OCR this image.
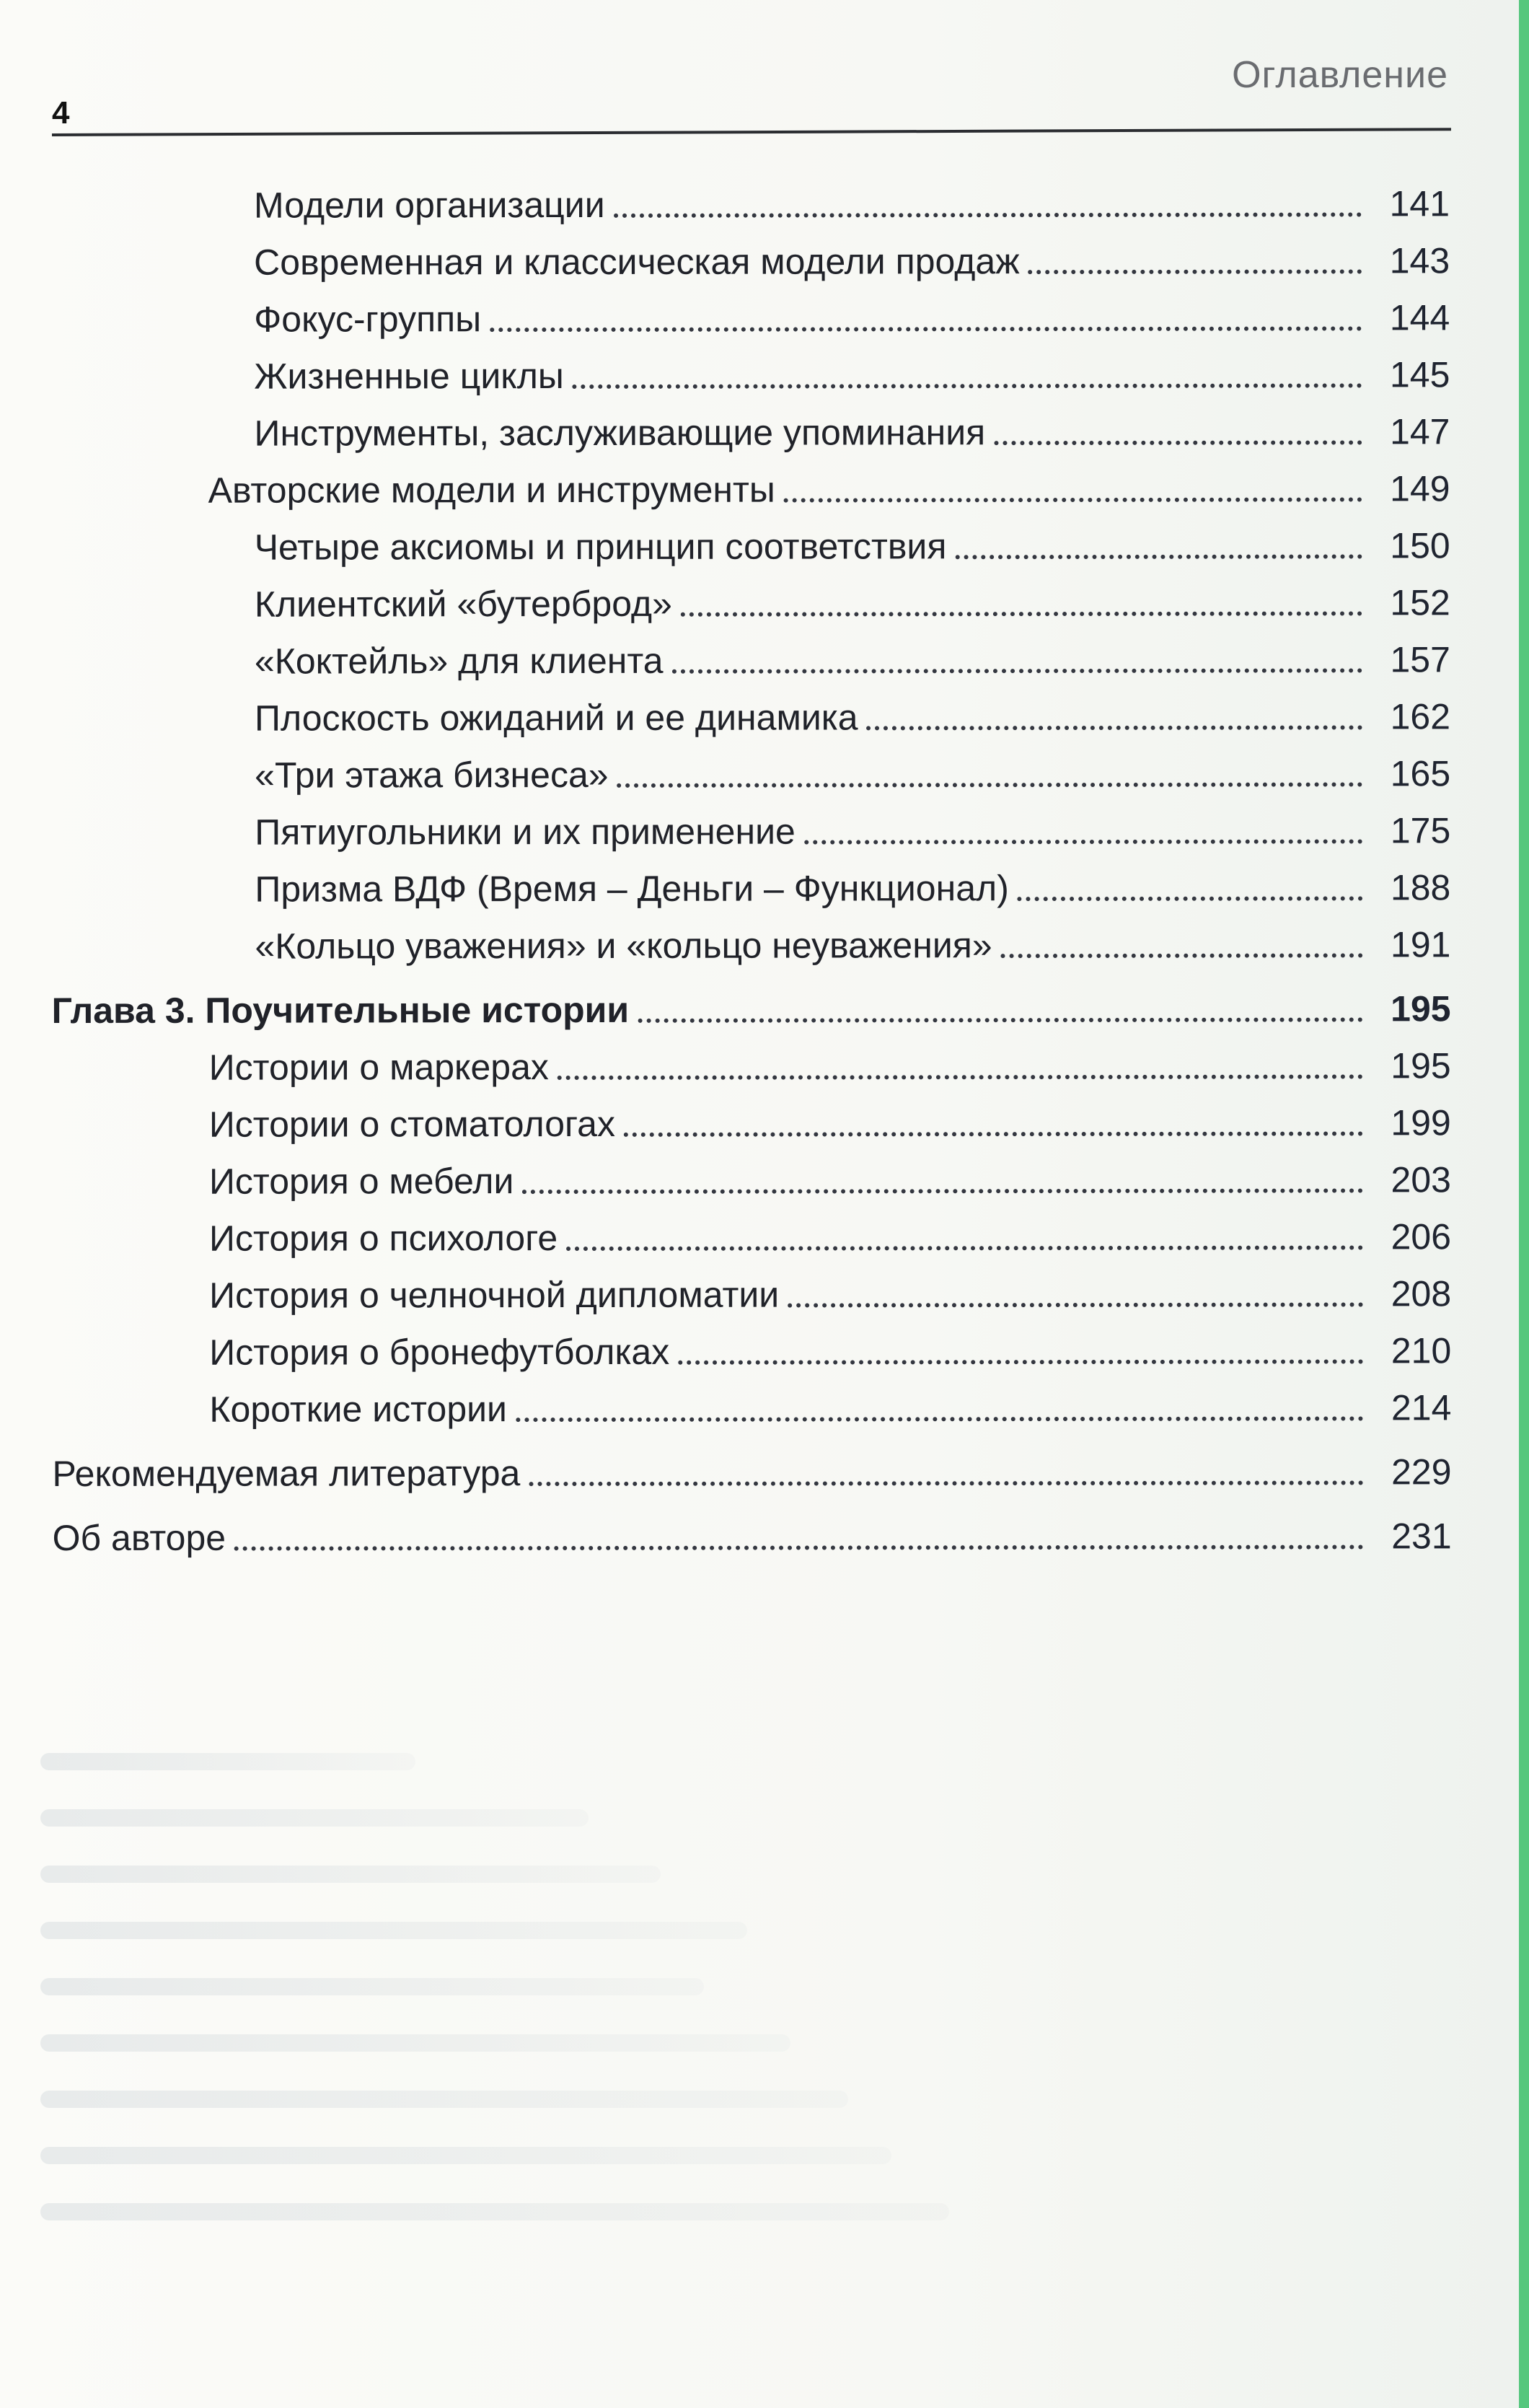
4
Оглавление
Модели организации	141
Современная и классическая модели продаж	143
Фокус-группы	144
Жизненные циклы	145
Инструменты, заслуживающие упоминания	147
Авторские модели и инструменты	149
Четыре аксиомы и принцип соответствия	150
Клиентский «бутерброд»	152
«Коктейль» для клиента	157
Плоскость ожиданий и ее динамика	162
«Три этажа бизнеса»	165
Пятиугольники и их применение	175
Призма ВДФ (Время – Деньги – Функционал)	188
«Кольцо уважения» и «кольцо неуважения»	191
Глава 3. Поучительные истории	195
Истории о маркерах	195
Истории о стоматологах	199
История о мебели	203
История о психологе	206
История о челночной дипломатии	208
История о бронефутболках	210
Короткие истории	214
Рекомендуемая литература	229
Об авторе	231
